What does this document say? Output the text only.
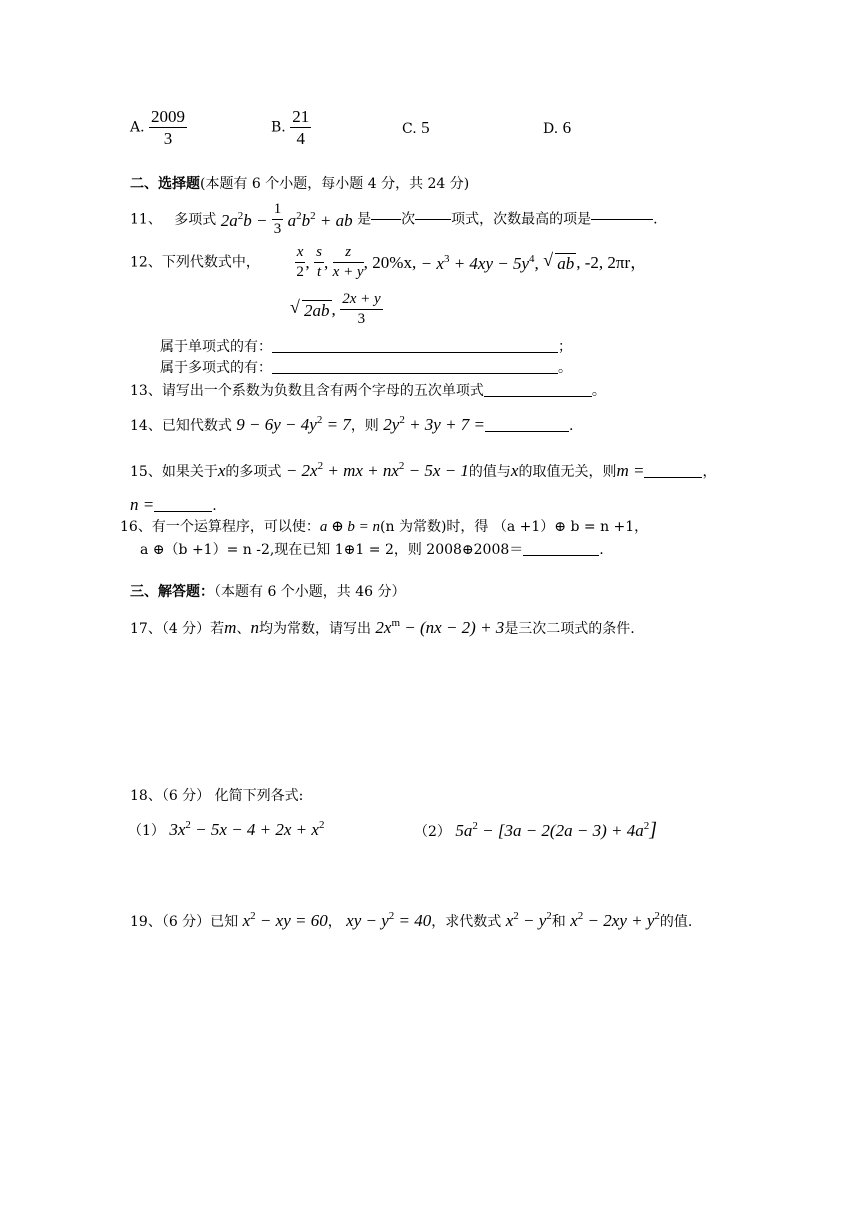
A. $\frac{2009}{3}$	B. $\frac{21}{4}$	C. 5	D. 6
二、选择题(本题有 6 个小题，每小题 4 分，共 24 分)
11、 多项式 $2a^2b - \frac{1}{3} a^2b^2$ + ab 是 次	项式，次数最高的项是	.
12、下列代数式中， $\frac{x}{2}$ , $\frac{s}{t}$ , $\frac{z}{x + y}$ , 20%x, − $x^3 + 4xy - 5y^4$, √ ab , -2, 2πr，
√ 2ab , $\frac{2x + y}{3}$
属于单项式的有：	；
属于多项式的有：	。
13、请写出一个系数为负数且含有两个字母的五次单项式	。
14、已知代数式 $9 - 6y - 4y^2 = 7$，则 $2y^2 + 3y + 7$ =	.
15、如果关于x的多项式 − $2x^2$ + mx + $nx^2 - 5x - 1$的值与x的取值无关，则m =	，
n =	.
16、有一个运算程序，可以使：a ⊕ b = n(n 为常数)时，得 （a +1）⊕ b = n +1，
a ⊕（b +1）= n -2,现在已知 1⊕1 = 2，则 2008⊕2008＝	.
三、解答题：（本题有 6 个小题，共 46 分）
17、（4 分）若m、n均为常数，请写出 $2x^m - (nx - 2) + 3$是三次二项式的条件.
18、（6 分） 化简下列各式:
（1） $3x^2 - 5x - 4 + 2x + x^2$	（2） $5a^2 - [3a - 2(2a - 3) + 4a^2]$
19、（6 分）已知 $x^2$ − xy = 60， xy − $y^2 = 40$，求代数式 $x^2 - y^2$和 $x^2 - 2xy + y^2$的值.
